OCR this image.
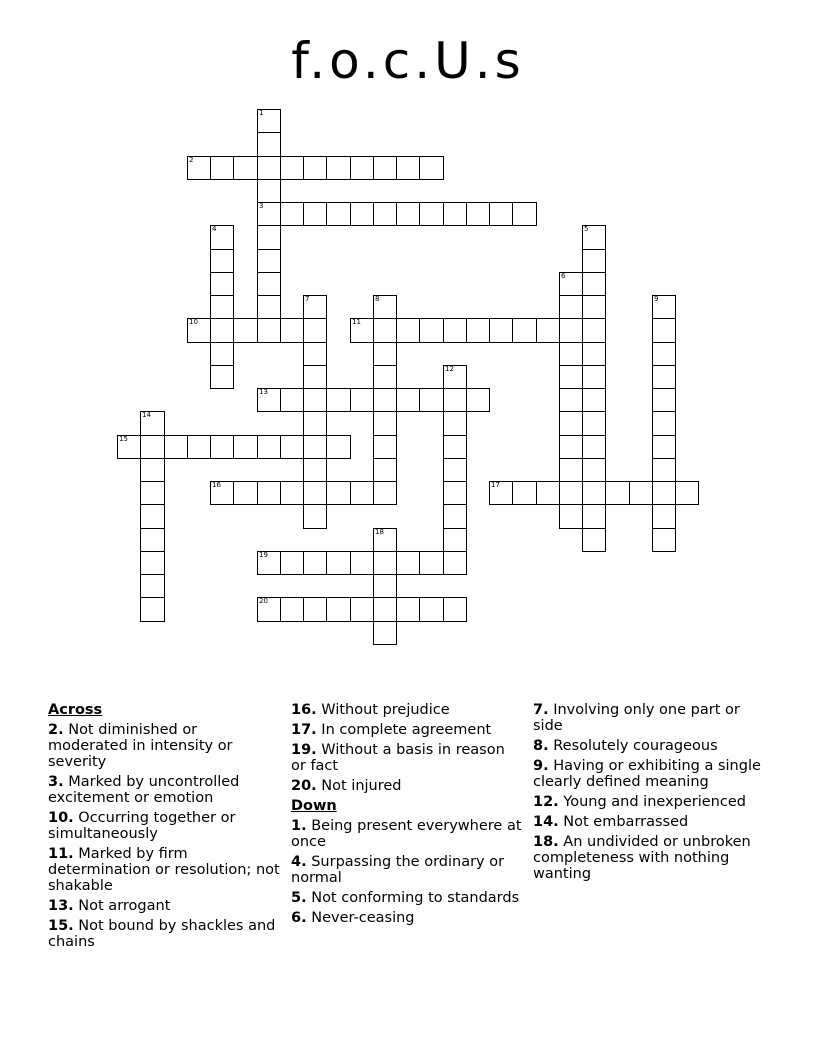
f.o.c.U.s
1
3
2
4	5
6
7	8	9
10	11
12
13
14
15
16	17
18
19
20
Across
2. Not diminished or moderated in intensity or severity
3. Marked by uncontrolled excitement or emotion
10. Occurring together or simultaneously
11. Marked by firm determination or resolution; not shakable
13. Not arrogant
15. Not bound by shackles and chains
16. Without prejudice
17. In complete agreement
19. Without a basis in reason or fact
20. Not injured
Down
1. Being present everywhere at once
4. Surpassing the ordinary or normal
5. Not conforming to standards
6. Never-ceasing
7. Involving only one part or side
8. Resolutely courageous
9. Having or exhibiting a single clearly defined meaning
12. Young and inexperienced
14. Not embarrassed
18. An undivided or unbroken completeness with nothing wanting
